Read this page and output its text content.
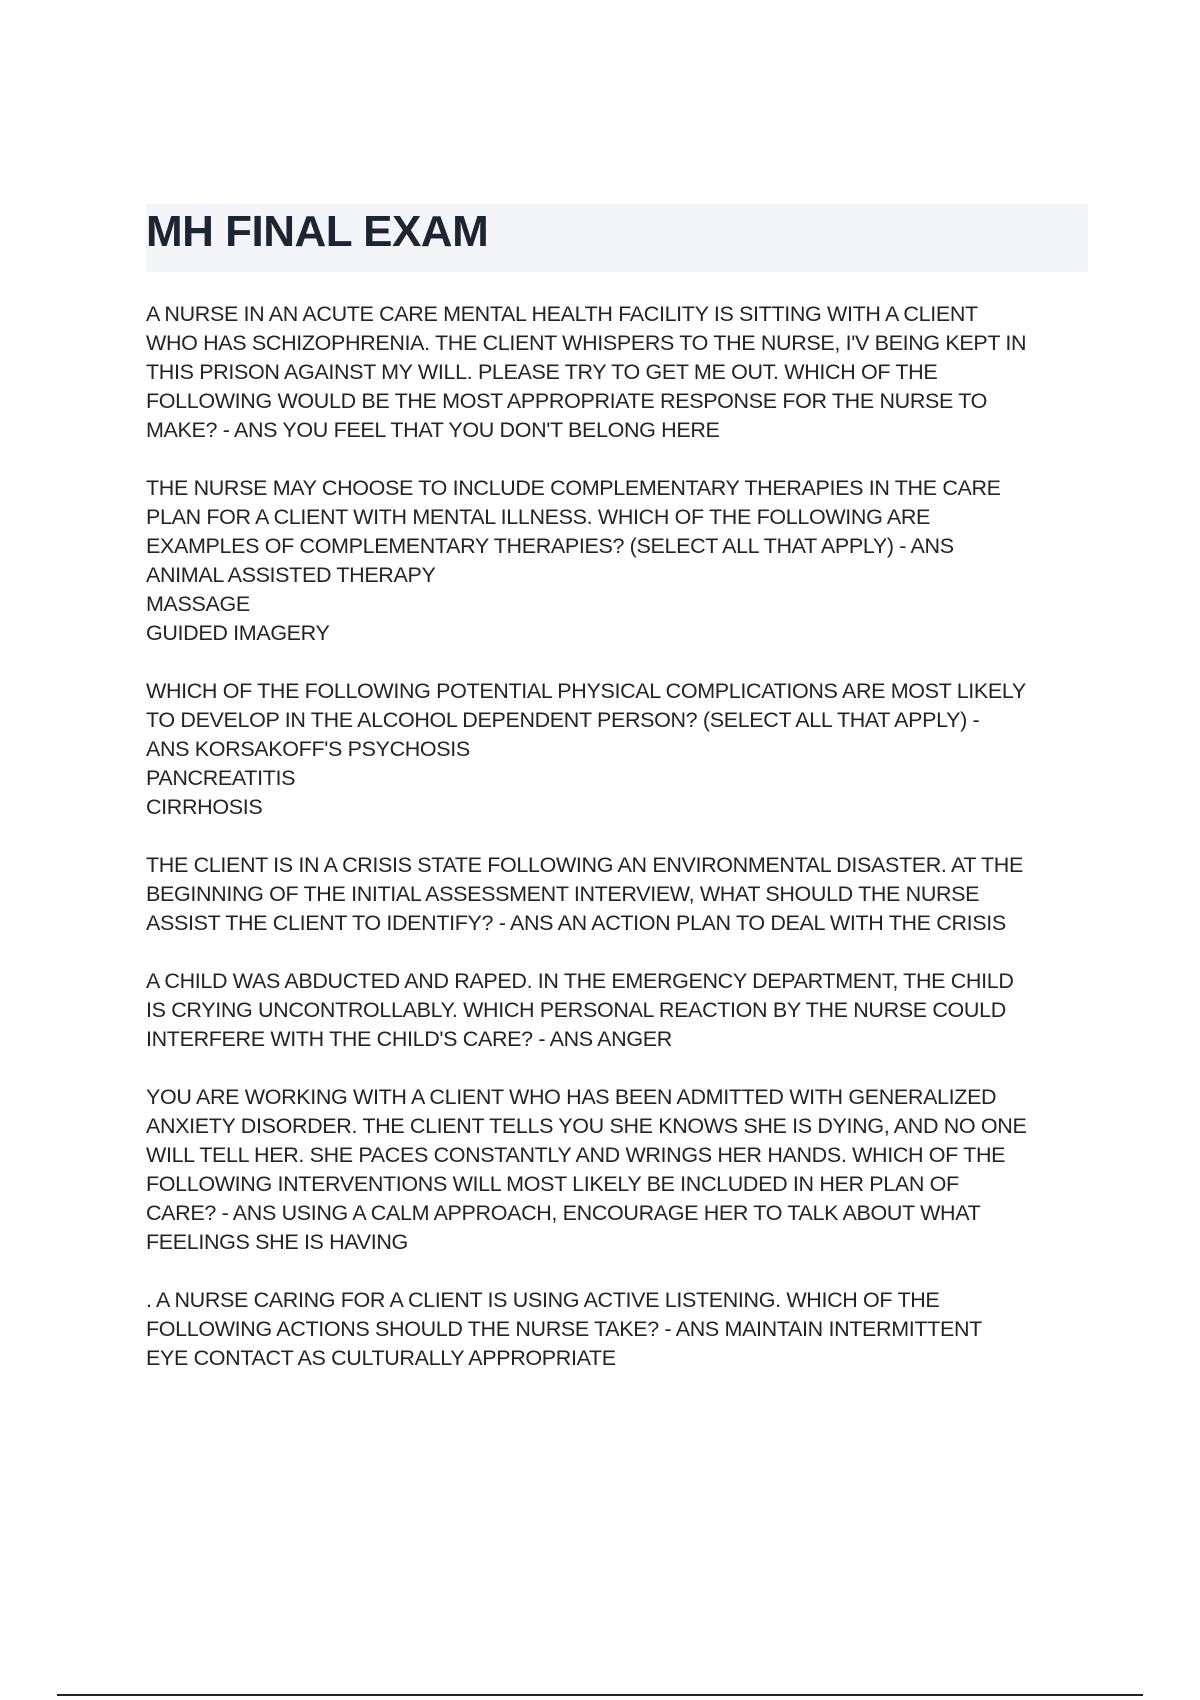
MH FINAL EXAM

A NURSE IN AN ACUTE CARE MENTAL HEALTH FACILITY IS SITTING WITH A CLIENT
WHO HAS SCHIZOPHRENIA. THE CLIENT WHISPERS TO THE NURSE, I'V BEING KEPT IN
THIS PRISON AGAINST MY WILL. PLEASE TRY TO GET ME OUT. WHICH OF THE
FOLLOWING WOULD BE THE MOST APPROPRIATE RESPONSE FOR THE NURSE TO
MAKE? - ANS YOU FEEL THAT YOU DON'T BELONG HERE

THE NURSE MAY CHOOSE TO INCLUDE COMPLEMENTARY THERAPIES IN THE CARE
PLAN FOR A CLIENT WITH MENTAL ILLNESS. WHICH OF THE FOLLOWING ARE
EXAMPLES OF COMPLEMENTARY THERAPIES? (SELECT ALL THAT APPLY) - ANS
ANIMAL ASSISTED THERAPY
MASSAGE
GUIDED IMAGERY

WHICH OF THE FOLLOWING POTENTIAL PHYSICAL COMPLICATIONS ARE MOST LIKELY
TO DEVELOP IN THE ALCOHOL DEPENDENT PERSON? (SELECT ALL THAT APPLY) -
ANS KORSAKOFF'S PSYCHOSIS
PANCREATITIS
CIRRHOSIS

THE CLIENT IS IN A CRISIS STATE FOLLOWING AN ENVIRONMENTAL DISASTER. AT THE
BEGINNING OF THE INITIAL ASSESSMENT INTERVIEW, WHAT SHOULD THE NURSE
ASSIST THE CLIENT TO IDENTIFY? - ANS AN ACTION PLAN TO DEAL WITH THE CRISIS

A CHILD WAS ABDUCTED AND RAPED. IN THE EMERGENCY DEPARTMENT, THE CHILD
IS CRYING UNCONTROLLABLY. WHICH PERSONAL REACTION BY THE NURSE COULD
INTERFERE WITH THE CHILD'S CARE? - ANS ANGER

YOU ARE WORKING WITH A CLIENT WHO HAS BEEN ADMITTED WITH GENERALIZED
ANXIETY DISORDER. THE CLIENT TELLS YOU SHE KNOWS SHE IS DYING, AND NO ONE
WILL TELL HER. SHE PACES CONSTANTLY AND WRINGS HER HANDS. WHICH OF THE
FOLLOWING INTERVENTIONS WILL MOST LIKELY BE INCLUDED IN HER PLAN OF
CARE? - ANS USING A CALM APPROACH, ENCOURAGE HER TO TALK ABOUT WHAT
FEELINGS SHE IS HAVING

. A NURSE CARING FOR A CLIENT IS USING ACTIVE LISTENING. WHICH OF THE
FOLLOWING ACTIONS SHOULD THE NURSE TAKE? - ANS MAINTAIN INTERMITTENT
EYE CONTACT AS CULTURALLY APPROPRIATE
